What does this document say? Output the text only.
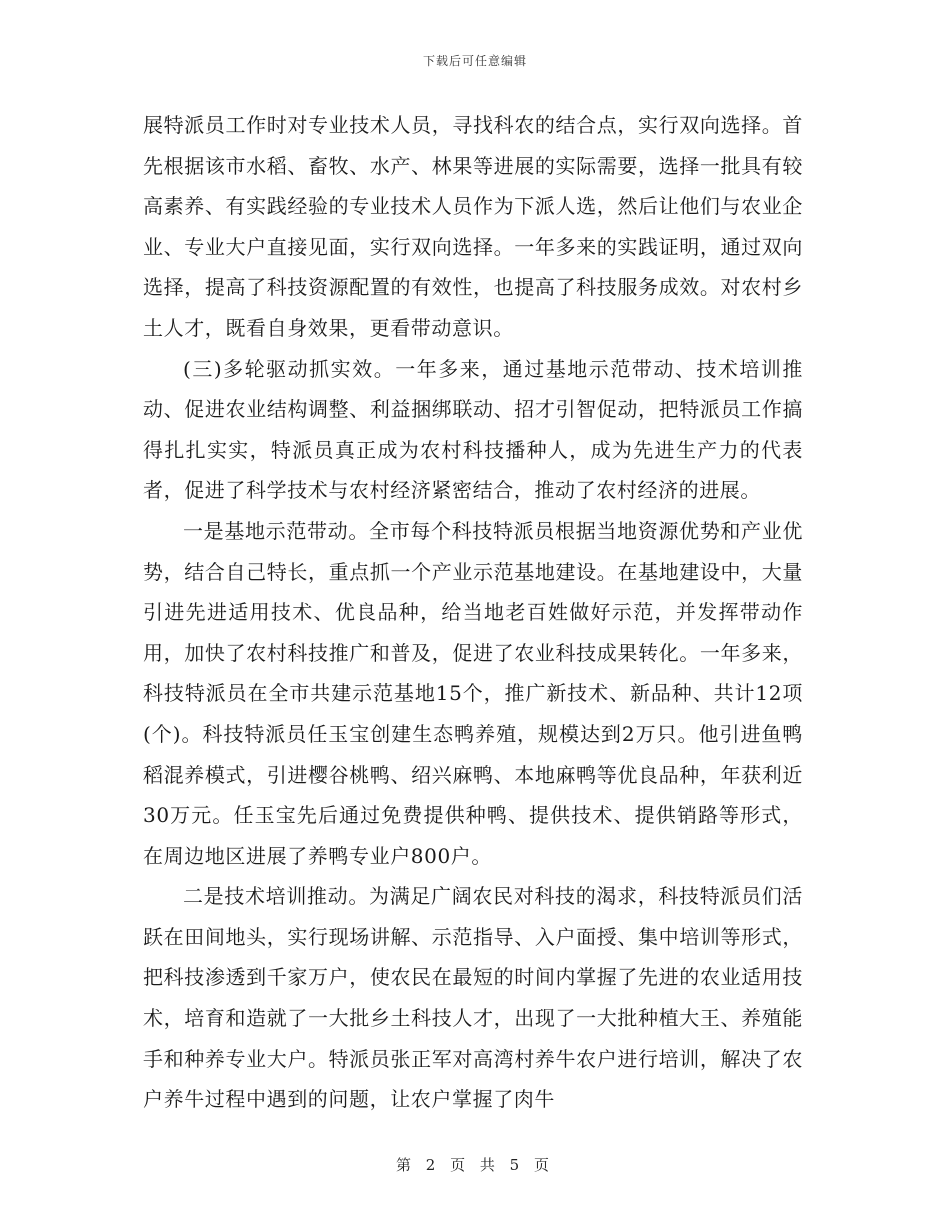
下载后可任意编辑

展特派员工作时对专业技术人员，寻找科农的结合点，实行双向选择。首先根据该市水稻、畜牧、水产、林果等进展的实际需要，选择一批具有较高素养、有实践经验的专业技术人员作为下派人选，然后让他们与农业企业、专业大户直接见面，实行双向选择。一年多来的实践证明，通过双向选择，提高了科技资源配置的有效性，也提高了科技服务成效。对农村乡土人才，既看自身效果，更看带动意识。

(三)多轮驱动抓实效。一年多来，通过基地示范带动、技术培训推动、促进农业结构调整、利益捆绑联动、招才引智促动，把特派员工作搞得扎扎实实，特派员真正成为农村科技播种人，成为先进生产力的代表者，促进了科学技术与农村经济紧密结合，推动了农村经济的进展。

一是基地示范带动。全市每个科技特派员根据当地资源优势和产业优势，结合自己特长，重点抓一个产业示范基地建设。在基地建设中，大量引进先进适用技术、优良品种，给当地老百姓做好示范，并发挥带动作用，加快了农村科技推广和普及，促进了农业科技成果转化。一年多来，科技特派员在全市共建示范基地15个，推广新技术、新品种、共计12项(个)。科技特派员任玉宝创建生态鸭养殖，规模达到2万只。他引进鱼鸭稻混养模式，引进樱谷桃鸭、绍兴麻鸭、本地麻鸭等优良品种，年获利近30万元。任玉宝先后通过免费提供种鸭、提供技术、提供销路等形式，在周边地区进展了养鸭专业户800户。

二是技术培训推动。为满足广阔农民对科技的渴求，科技特派员们活跃在田间地头，实行现场讲解、示范指导、入户面授、集中培训等形式，把科技渗透到千家万户，使农民在最短的时间内掌握了先进的农业适用技术，培育和造就了一大批乡土科技人才，出现了一大批种植大王、养殖能手和种养专业大户。特派员张正军对高湾村养牛农户进行培训，解决了农户养牛过程中遇到的问题，让农户掌握了肉牛

第 2 页 共 5 页
